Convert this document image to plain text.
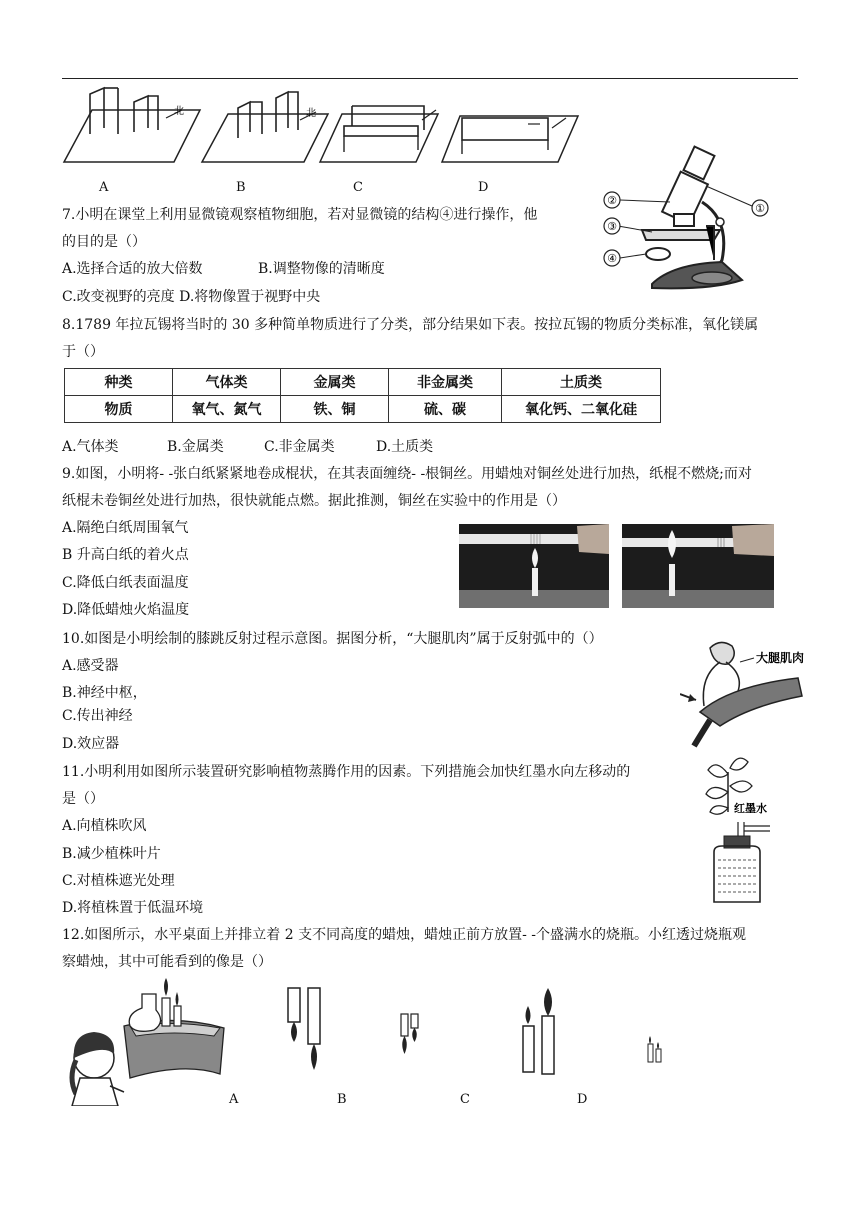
北	北
A	B	C	D
7.小明在课堂上利用显微镜观察植物细胞，若对显微镜的结构④进行操作，他
的目的是（）
A.选择合适的放大倍数	B.调整物像的清晰度
C.改变视野的亮度 D.将物像置于视野中央
②
③
④
①
8.1789 年拉瓦锡将当时的 30 多种简单物质进行了分类，部分结果如下表。按拉瓦锡的物质分类标准，氧化镁属
于（）
种类	气体类	金属类	非金属类	土质类
物质	氧气、氮气	铁、铜	硫、碳	氧化钙、二氧化硅
A.气体类	B.金属类	C.非金属类	D.土质类
9.如图，小明将- -张白纸紧紧地卷成棍状，在其表面缠绕- -根铜丝。用蜡烛对铜丝处进行加热，纸棍不燃烧;而对
纸棍未卷铜丝处进行加热，很快就能点燃。据此推测，铜丝在实验中的作用是（）
A.隔绝白纸周围氧气
B 升高白纸的着火点
C.降低白纸表面温度
D.降低蜡烛火焰温度
10.如图是小明绘制的膝跳反射过程示意图。据图分析，“大腿肌肉”属于反射弧中的（）
A.感受器
B.神经中枢，
C.传出神经
D.效应器
大腿肌肉
11.小明利用如图所示装置研究影响植物蒸腾作用的因素。下列措施会加快红墨水向左移动的
是（）
A.向植株吹风
B.减少植株叶片
C.对植株遮光处理
D.将植株置于低温环境
红墨水
12.如图所示，水平桌面上并排立着 2 支不同高度的蜡烛，蜡烛正前方放置- -个盛满水的烧瓶。小红透过烧瓶观
察蜡烛，其中可能看到的像是（）
A	B	C	D
